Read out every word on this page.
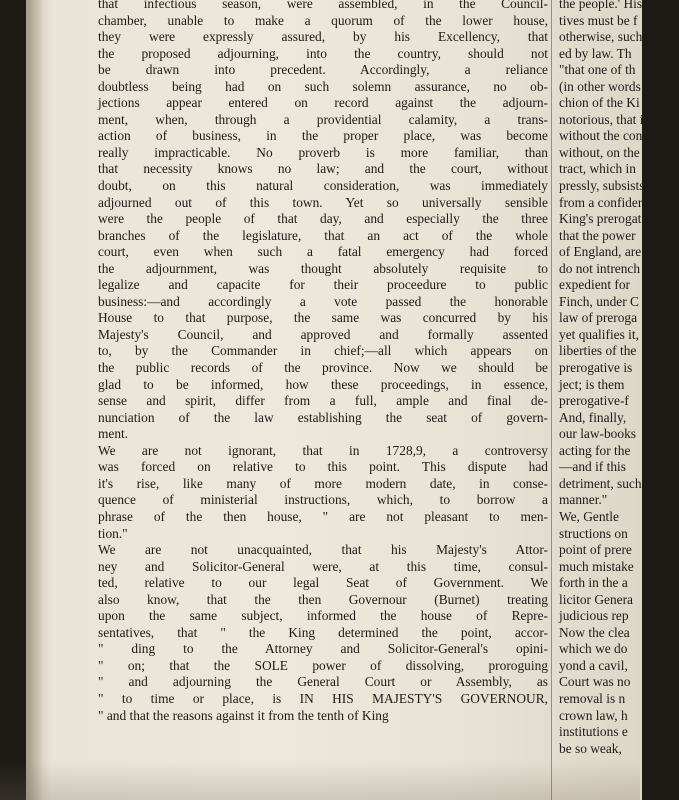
that infectious season, were assembled, in the Council-
chamber, unable to make a quorum of the lower house,
they were expressly assured, by his Excellency, that
the proposed adjourning, into the country, should not
be drawn into precedent. Accordingly, a reliance
doubtless being had on such solemn assurance, no ob-
jections appear entered on record against the adjourn-
ment, when, through a providential calamity, a trans-
action of business, in the proper place, was become
really impracticable. No proverb is more familiar, than
that necessity knows no law; and the court, without
doubt, on this natural consideration, was immediately
adjourned out of this town. Yet so universally sensible
were the people of that day, and especially the three
branches of the legislature, that an act of the whole
court, even when such a fatal emergency had forced
the adjournment, was thought absolutely requisite to
legalize and capacite for their proceedure to public
business:—and accordingly a vote passed the honorable
House to that purpose, the same was concurred by his
Majesty's Council, and approved and formally assented
to, by the Commander in chief;—all which appears on
the public records of the province. Now we should be
glad to be informed, how these proceedings, in essence,
sense and spirit, differ from a full, ample and final de-
nunciation of the law establishing the seat of govern-
ment.
We are not ignorant, that in 1728,9, a controversy
was forced on relative to this point. This dispute had
it's rise, like many of more modern date, in conse-
quence of ministerial instructions, which, to borrow a
phrase of the then house, " are not pleasant to men-
tion."
We are not unacquainted, that his Majesty's Attor-
ney and Solicitor-General were, at this time, consul-
ted, relative to our legal Seat of Government. We
also know, that the then Governour (Burnet) treating
upon the same subject, informed the house of Repre-
sentatives, that " the King determined the point, accor-
" ding to the Attorney and Solicitor-General's opini-
" on; that the SOLE power of dissolving, proroguing
" and adjourning the General Court or Assembly, as
" to time or place, is IN HIS MAJESTY'S GOVERNOUR,
" and that the reasons against it from the tenth of King
the people.' His
tives must be f
otherwise, such p
ed by law. Th
"that one of th
(in other words
chion of the Ki
notorious, that it
without the con
without, on the
tract, which in
pressly, subsists b
from a confider
King's prerogat
that the power
of England, are
do not intrench
expedient for
Finch, under C
law of preroga
yet qualifies it,
liberties of the
prerogative is
ject; is them
prerogative-f
And, finally,
our law-books
acting for the
—and if this
detriment, such
manner."
We, Gentle
structions on
point of prere
much mistake
forth in the a
licitor Genera
judicious rep
Now the clea
which we do
yond a cavil,
Court was no
removal is n
crown law, h
institutions e
be so weak,
